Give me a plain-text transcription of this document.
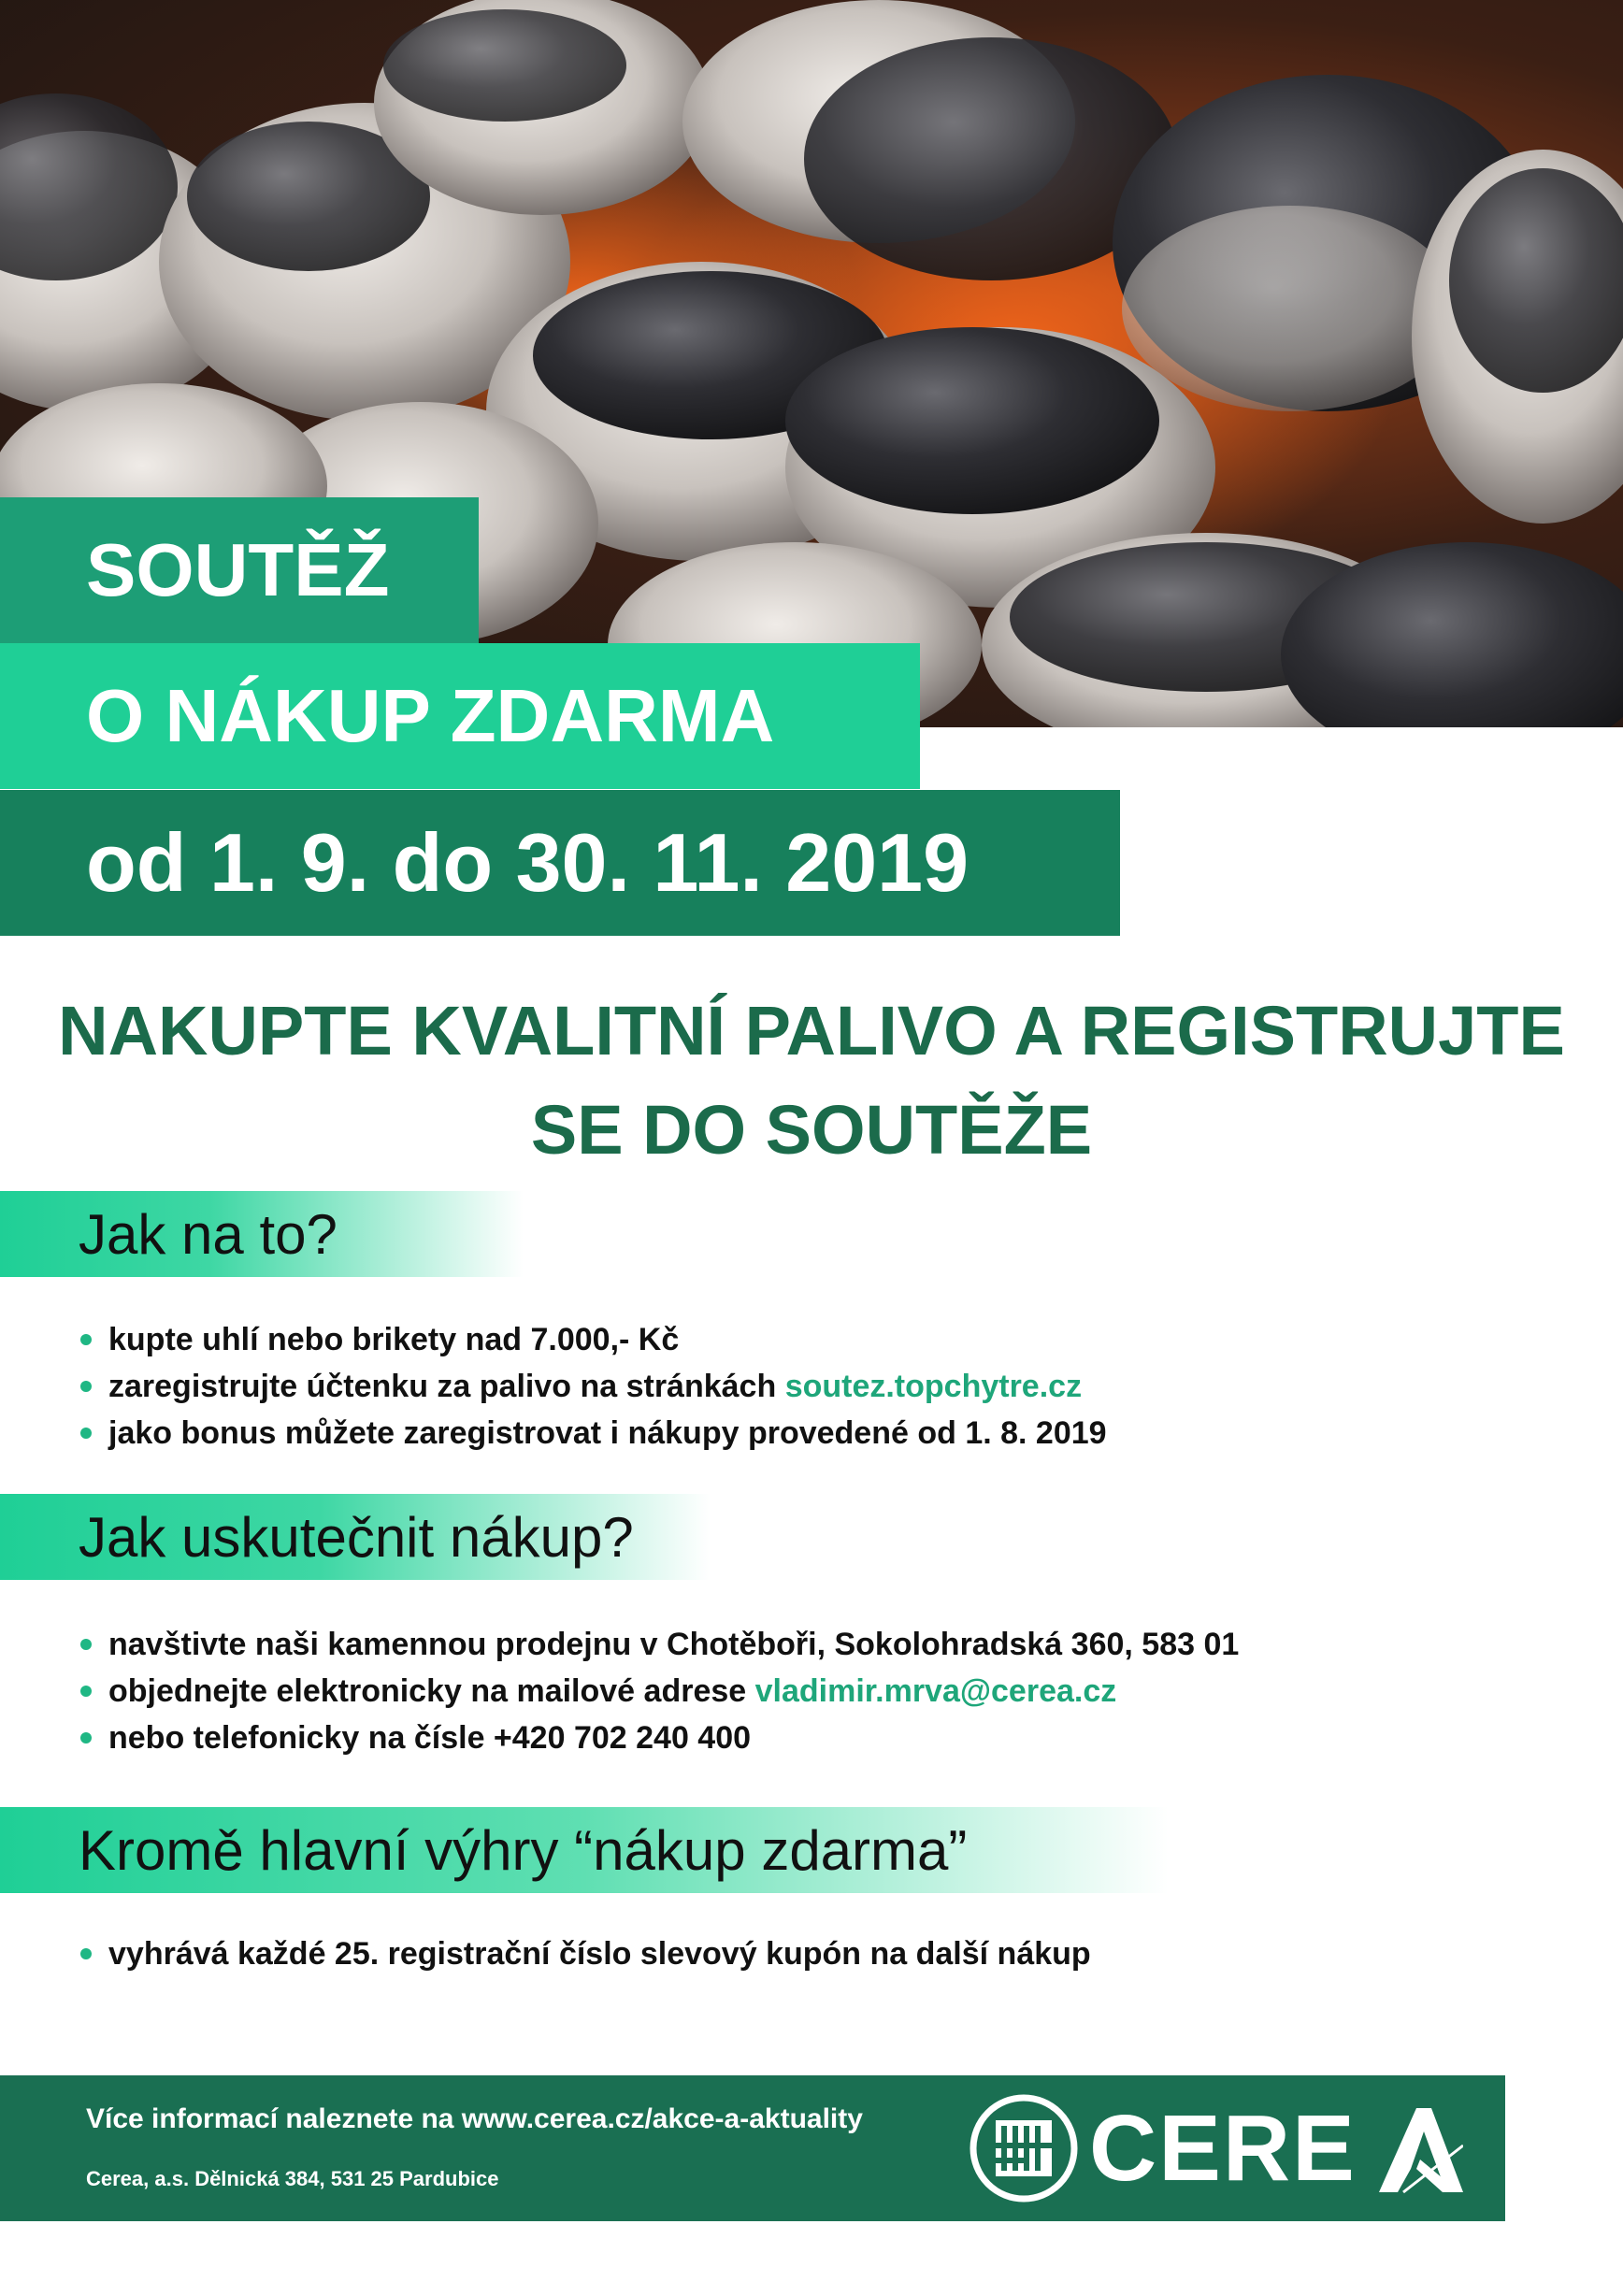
SOUTĚŽ
O NÁKUP ZDARMA
od 1. 9. do 30. 11. 2019
NAKUPTE KVALITNÍ PALIVO A REGISTRUJTE
SE DO SOUTĚŽE
Jak na to?
kupte uhlí nebo brikety nad 7.000,- Kč
zaregistrujte účtenku za palivo na stránkách soutez.topchytre.cz
jako bonus můžete zaregistrovat i nákupy provedené od 1. 8. 2019
Jak uskutečnit nákup?
navštivte naši kamennou prodejnu v Chotěboři, Sokolohradská 360, 583 01
objednejte elektronicky na mailové adrese vladimir.mrva@cerea.cz
nebo telefonicky na čísle +420 702 240 400
Kromě hlavní výhry “nákup zdarma”
vyhrává každé 25. registrační číslo slevový kupón na další nákup
Více informací naleznete na www.cerea.cz/akce-a-aktuality
Cerea, a.s. Dělnická 384, 531 25 Pardubice	CERE
